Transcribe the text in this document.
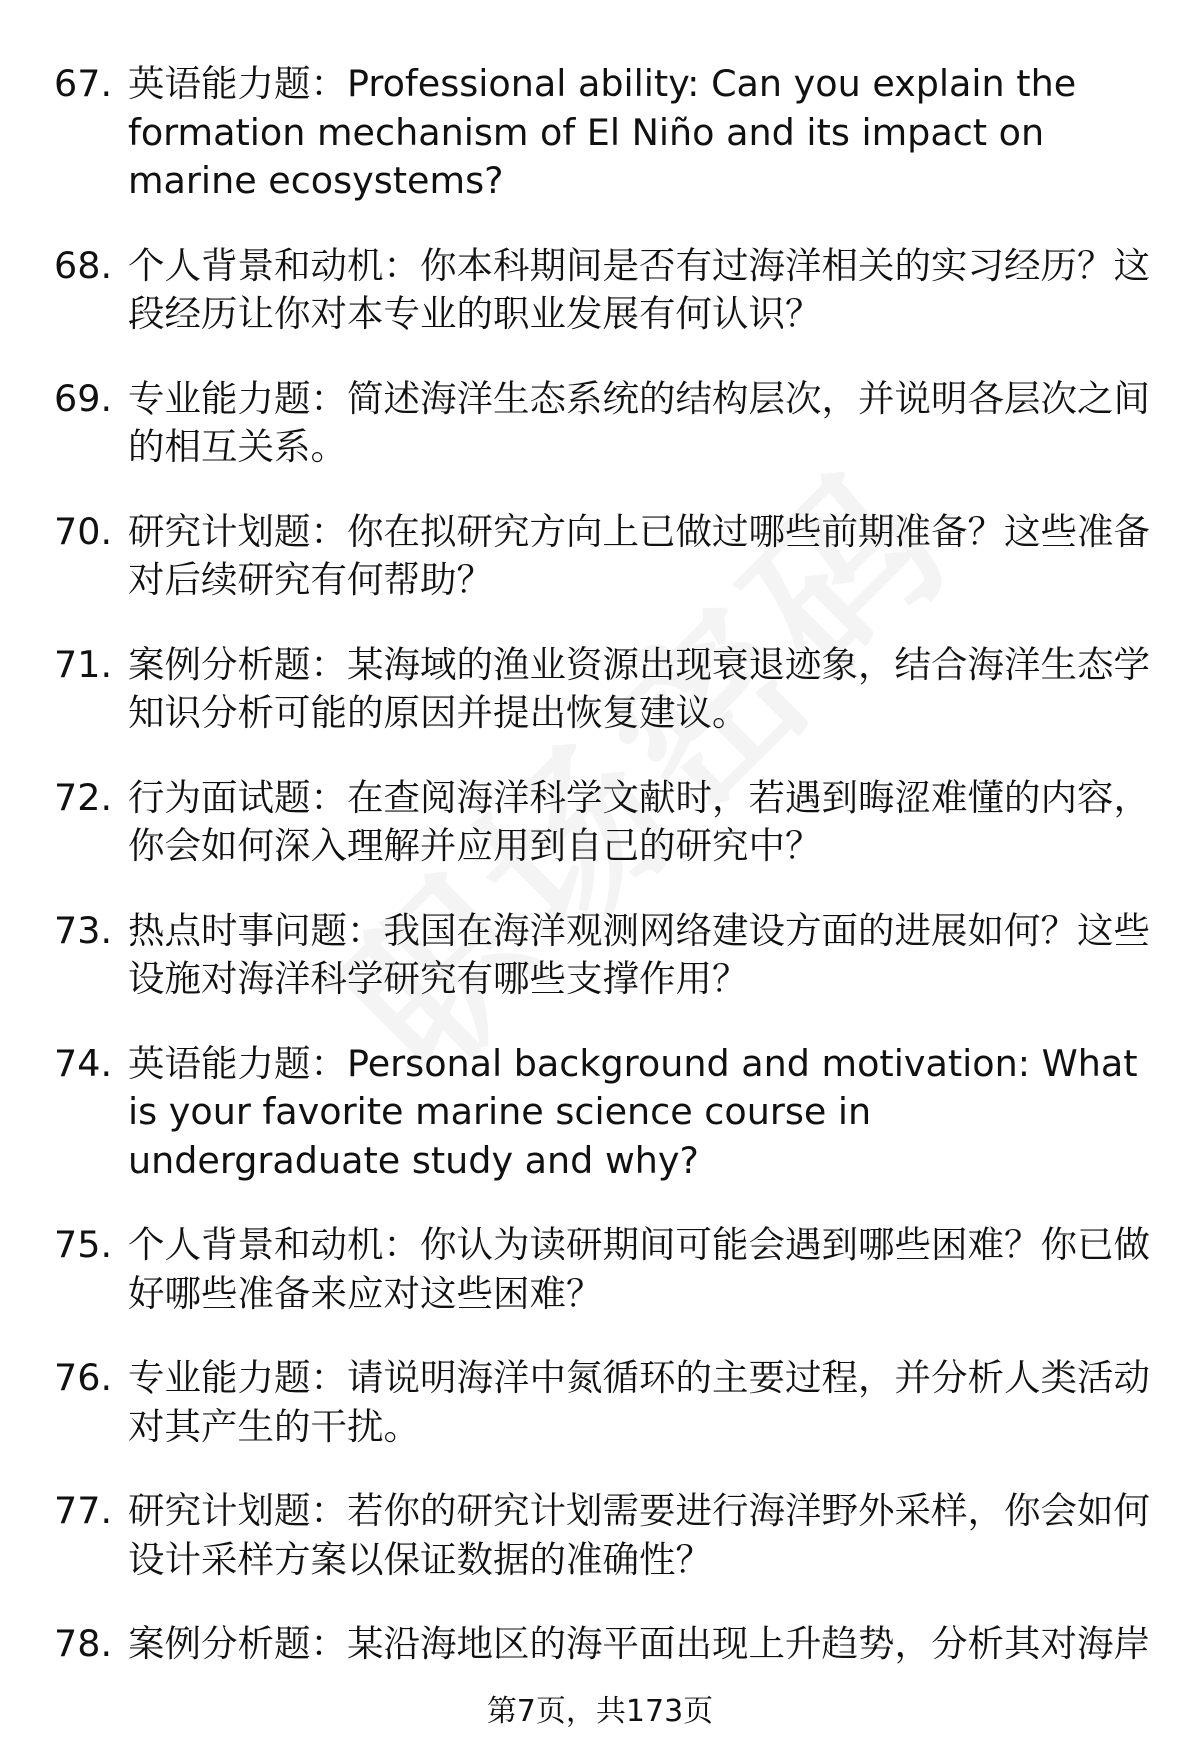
67. 英语能力题：Professional ability: Can you explain the formation mechanism of El Niño and its impact on marine ecosystems?
68. 个人背景和动机：你本科期间是否有过海洋相关的实习经历？这段经历让你对本专业的职业发展有何认识？
69. 专业能力题：简述海洋生态系统的结构层次，并说明各层次之间的相互关系。
70. 研究计划题：你在拟研究方向上已做过哪些前期准备？这些准备对后续研究有何帮助？
71. 案例分析题：某海域的渔业资源出现衰退迹象，结合海洋生态学知识分析可能的原因并提出恢复建议。
72. 行为面试题：在查阅海洋科学文献时，若遇到晦涩难懂的内容，你会如何深入理解并应用到自己的研究中？
73. 热点时事问题：我国在海洋观测网络建设方面的进展如何？这些设施对海洋科学研究有哪些支撑作用？
74. 英语能力题：Personal background and motivation: What is your favorite marine science course in undergraduate study and why?
75. 个人背景和动机：你认为读研期间可能会遇到哪些困难？你已做好哪些准备来应对这些困难？
76. 专业能力题：请说明海洋中氮循环的主要过程，并分析人类活动对其产生的干扰。
77. 研究计划题：若你的研究计划需要进行海洋野外采样，你会如何设计采样方案以保证数据的准确性？
78. 案例分析题：某沿海地区的海平面出现上升趋势，分析其对海岸
第7页，共173页
